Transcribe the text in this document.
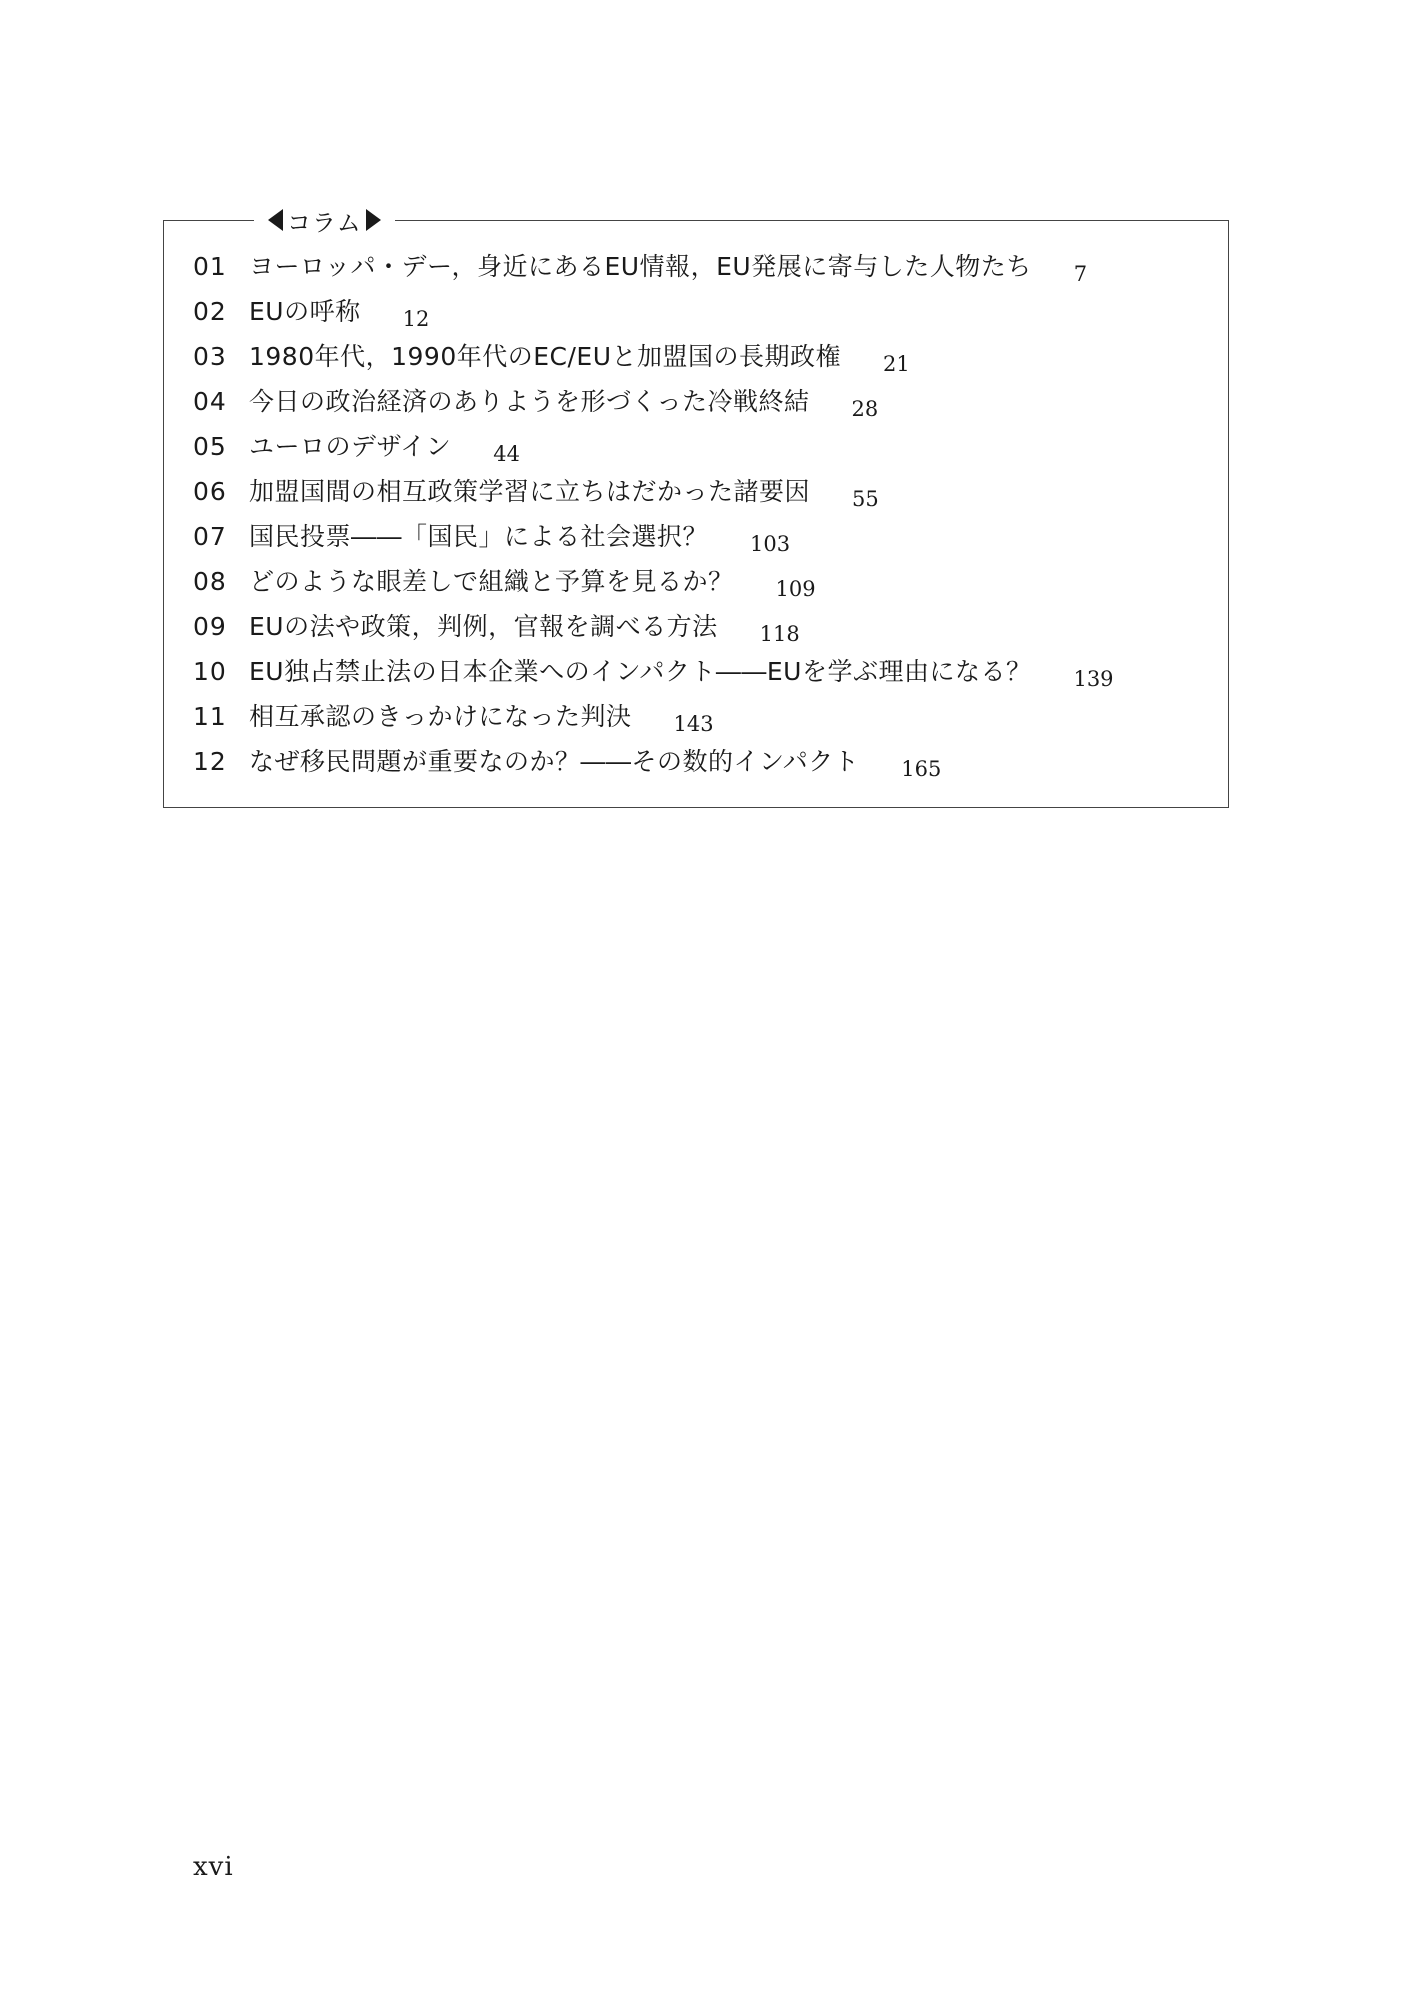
コラム
01 ヨーロッパ・デー，身近にあるEU情報，EU発展に寄与した人物たち 7
02 EUの呼称 12
03 1980年代，1990年代のEC/EUと加盟国の長期政権 21
04 今日の政治経済のありようを形づくった冷戦終結 28
05 ユーロのデザイン 44
06 加盟国間の相互政策学習に立ちはだかった諸要因 55
07 国民投票――「国民」による社会選択？ 103
08 どのような眼差しで組織と予算を見るか？ 109
09 EUの法や政策，判例，官報を調べる方法 118
10 EU独占禁止法の日本企業へのインパクト――EUを学ぶ理由になる？ 139
11 相互承認のきっかけになった判決 143
12 なぜ移民問題が重要なのか？――その数的インパクト 165
xvi
